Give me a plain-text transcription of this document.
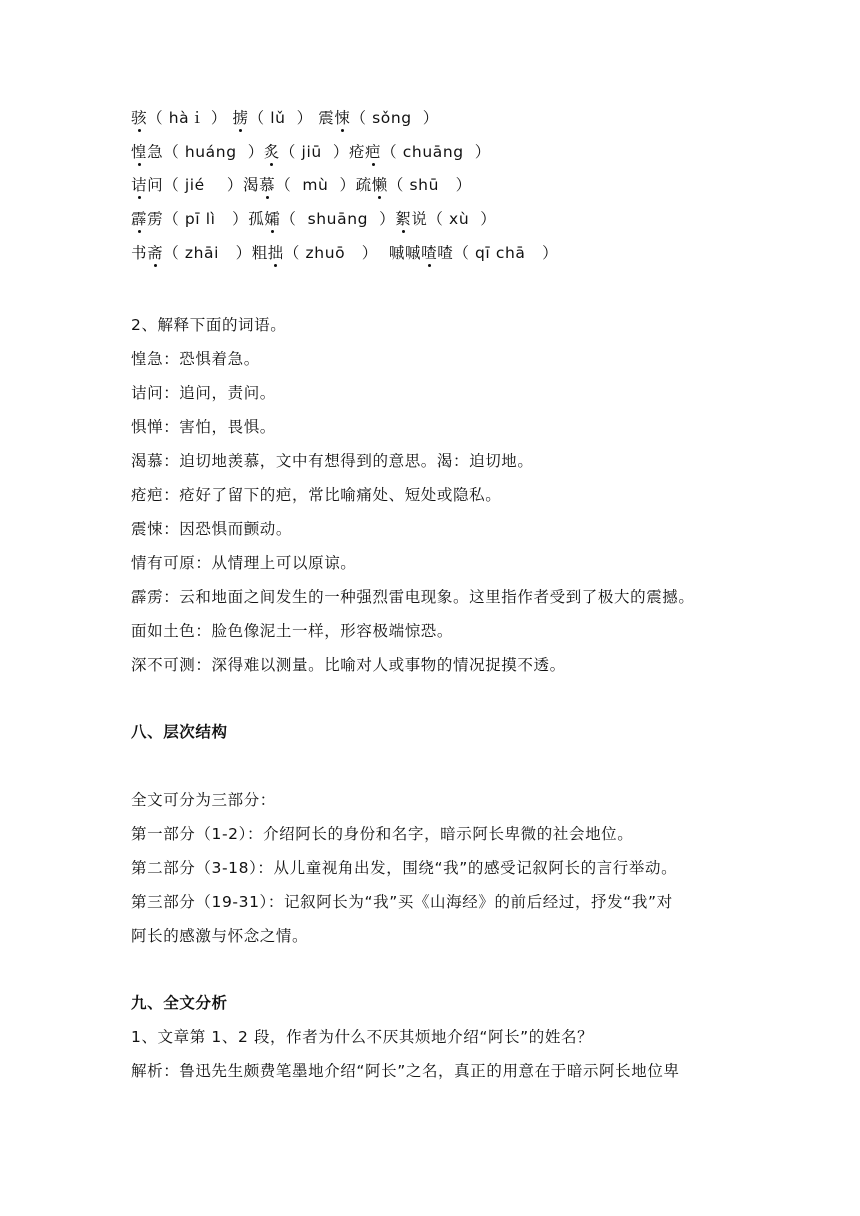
骇（ hàｉ ） 掳（ lǔ  ） 震悚（ sǒng  ）
惶急（ huáng  ）炙（ jiū  ）疮疤（ chuāng  ）
诘问（ jié    ）渴慕（  mù  ）疏懒（ shū   ）
霹雳（ pī lì   ）孤孀（  shuāng  ）絮说（ xù  ）
书斋（ zhāi   ）粗拙（ zhuō   ）  嘁嘁喳喳（ qī chā   ）
2、解释下面的词语。
惶急：恐惧着急。
诘问：追问，责问。
惧惮：害怕，畏惧。
渴慕：迫切地羡慕，文中有想得到的意思。渴：迫切地。
疮疤：疮好了留下的疤，常比喻痛处、短处或隐私。
震悚：因恐惧而颤动。
情有可原：从情理上可以原谅。
霹雳：云和地面之间发生的一种强烈雷电现象。这里指作者受到了极大的震撼。
面如土色：脸色像泥土一样，形容极端惊恐。
深不可测：深得难以测量。比喻对人或事物的情况捉摸不透。
八、层次结构
全文可分为三部分：
第一部分（1-2）：介绍阿长的身份和名字，暗示阿长卑微的社会地位。
第二部分（3-18）：从儿童视角出发，围绕“我”的感受记叙阿长的言行举动。
第三部分（19-31）：记叙阿长为“我”买《山海经》的前后经过，抒发“我”对
阿长的感激与怀念之情。
九、全文分析
1、文章第 1、2 段，作者为什么不厌其烦地介绍“阿长”的姓名？
解析：鲁迅先生颇费笔墨地介绍“阿长”之名，真正的用意在于暗示阿长地位卑
